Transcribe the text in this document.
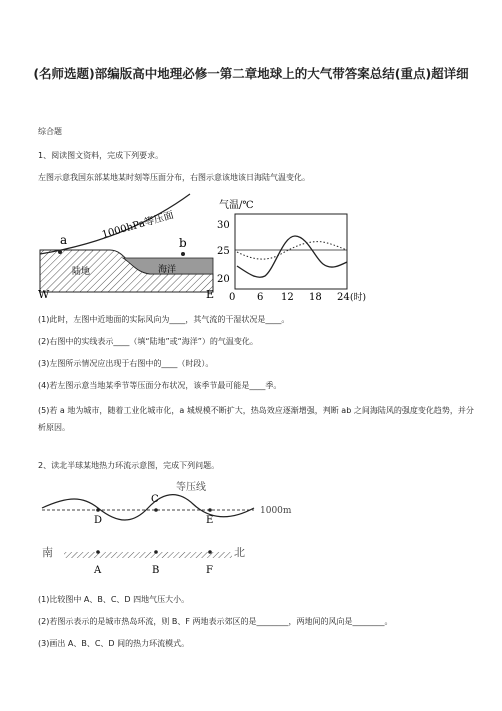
(名师选题)部编版高中地理必修一第二章地球上的大气带答案总结(重点)超详细
综合题
1、阅读图文资料，完成下列要求。
左图示意我国东部某地某时刻等压面分布，右图示意该地该日海陆气温变化。
1000hPa等压面
a	b
陆地	海洋
W	E
气温/℃
30
25
20
0 6 12 18 24 (时)
(1)此时，左图中近地面的实际风向为____，其气流的干湿状况是____。
(2)右图中的实线表示____（填“陆地”或“海洋”）的气温变化。
(3)左图所示情况应出现于右图中的____（时段）。
(4)若左图示意当地某季节等压面分布状况，该季节最可能是____季。
(5)若 a 地为城市，随着工业化城市化，a 城规模不断扩大，热岛效应逐渐增强，判断 ab 之间海陆风的强度变化趋势，并分析原因。
2、读北半球某地热力环流示意图，完成下列问题。
等压线
1000m
D
C
E
南	北
A	B	F
(1)比较图中 A、B、C、D 四地气压大小。
(2)若图示表示的是城市热岛环流，则 B、F 两地表示郊区的是________，两地间的风向是________。
(3)画出 A、B、C、D 间的热力环流模式。
